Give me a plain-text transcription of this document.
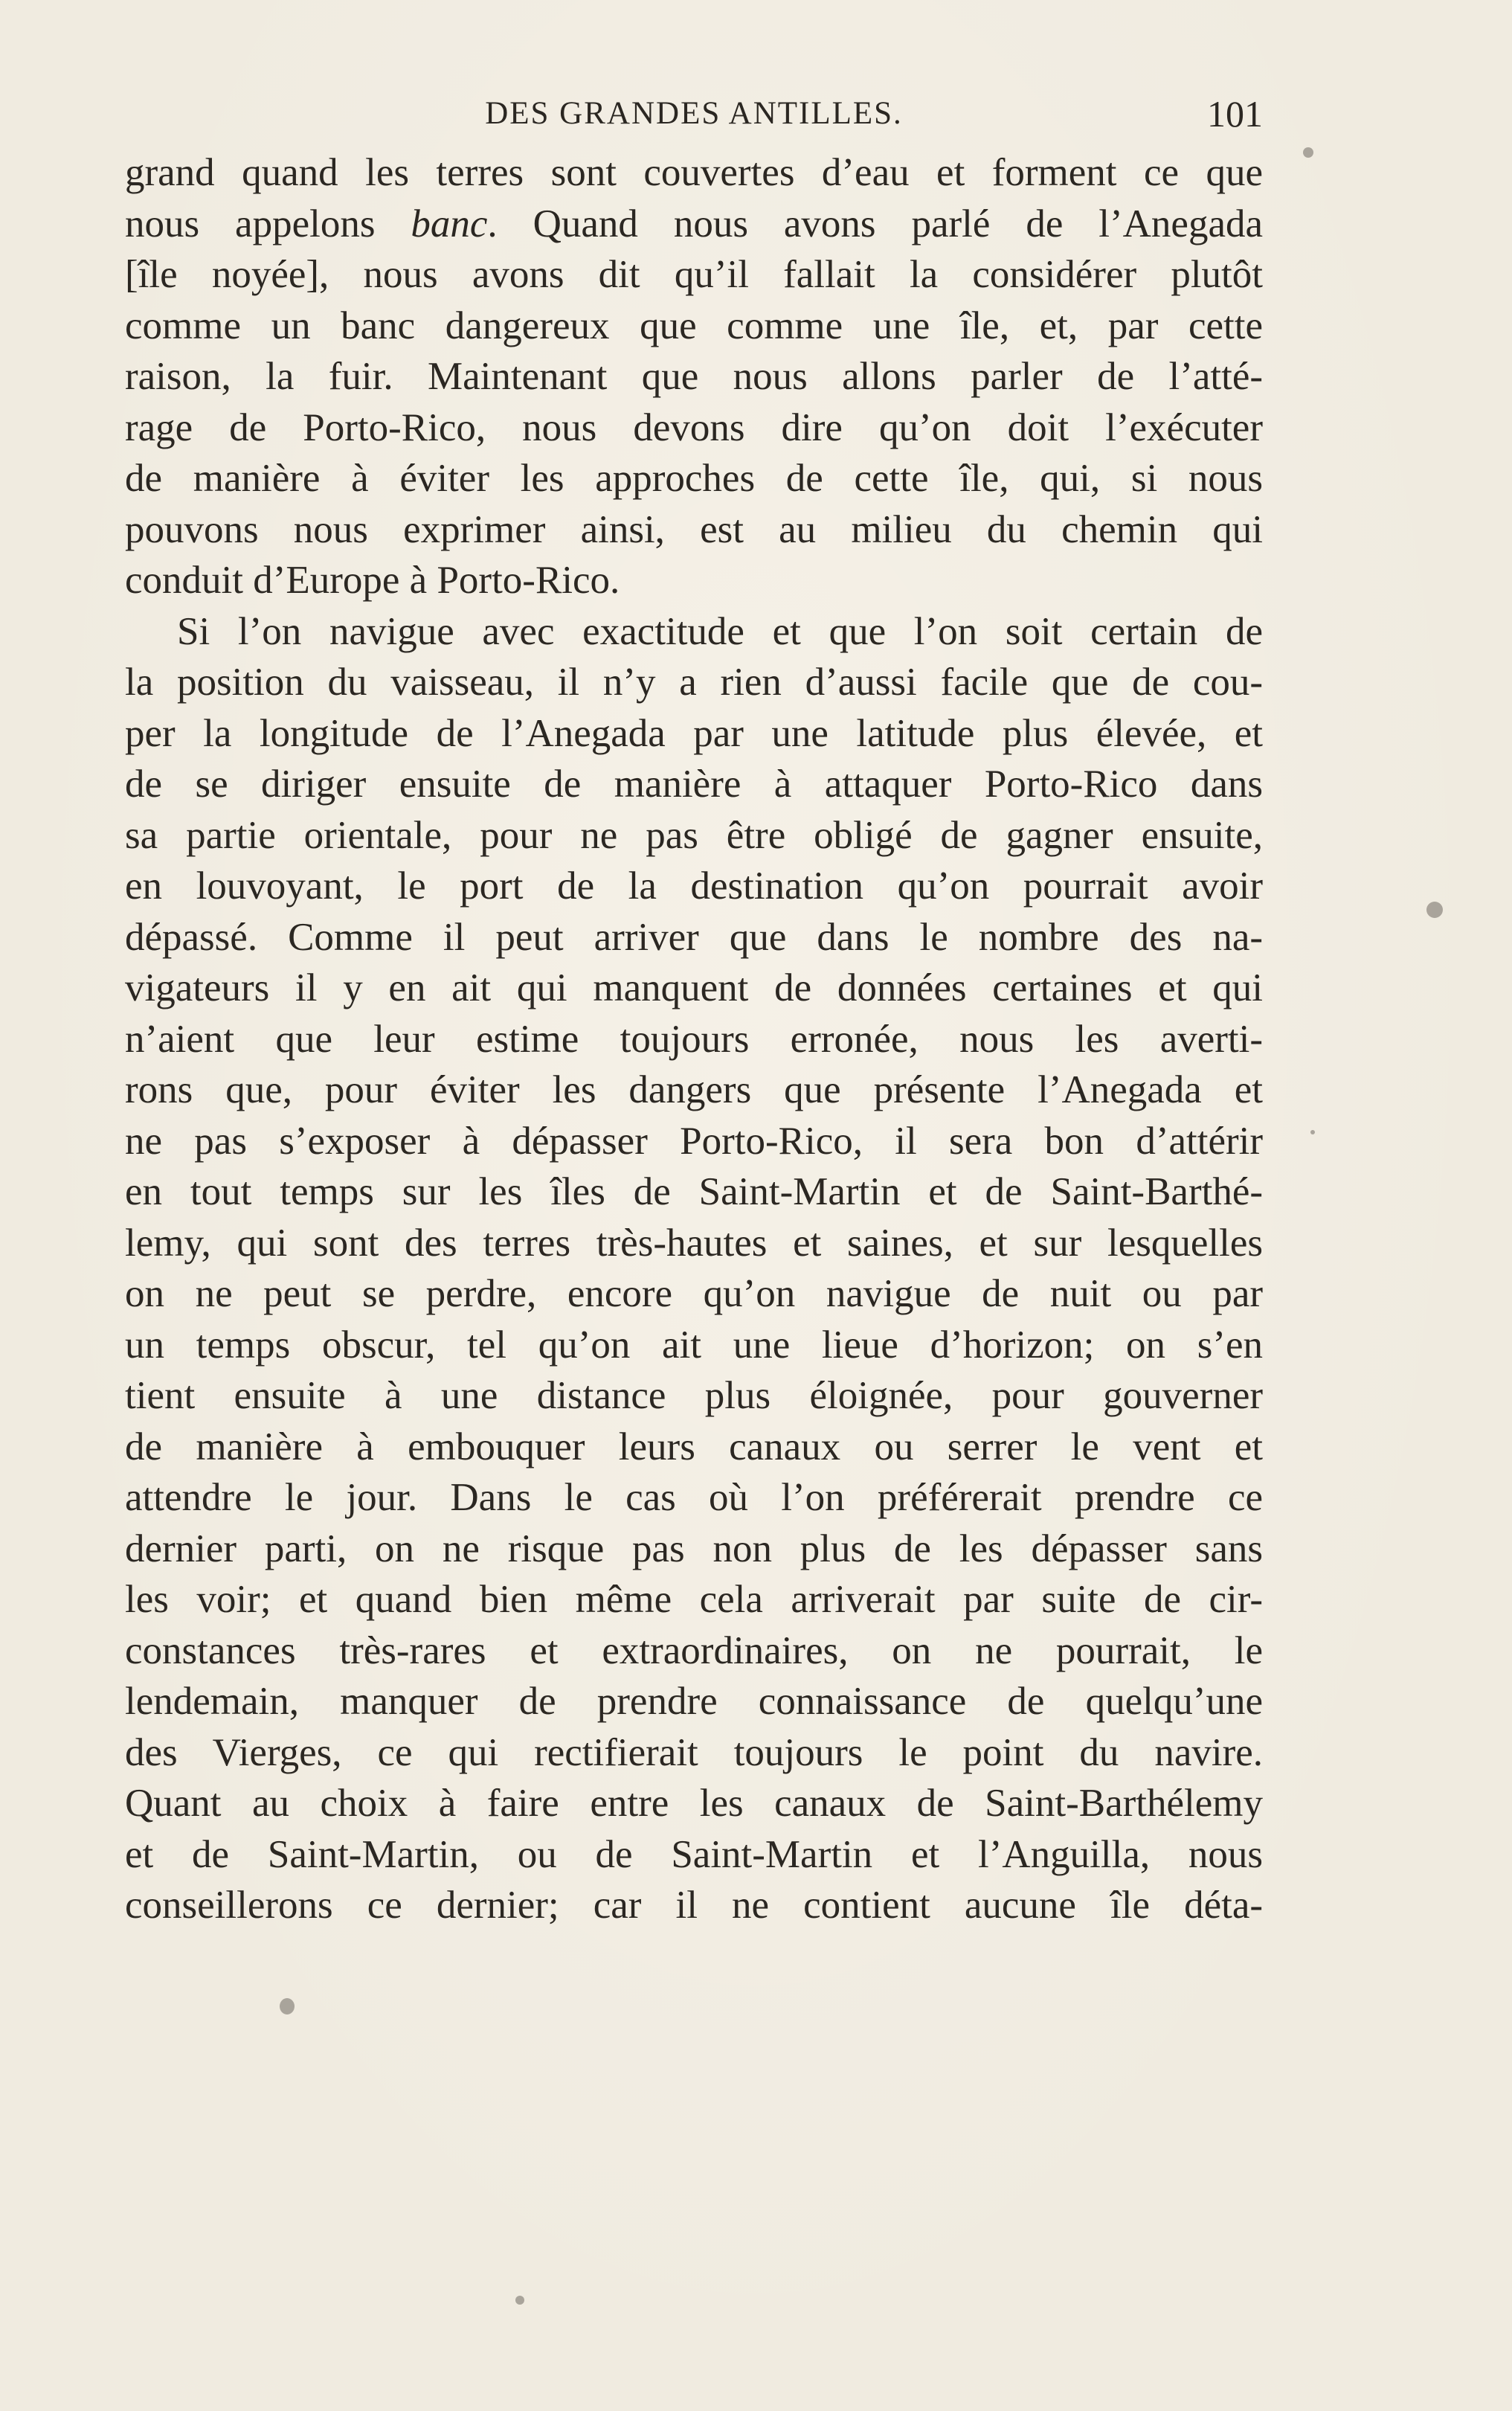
DES GRANDES ANTILLES.	101
grand quand les terres sont couvertes d’eau et forment ce que
nous appelons banc. Quand nous avons parlé de l’Anegada
[île noyée], nous avons dit qu’il fallait la considérer plutôt
comme un banc dangereux que comme une île, et, par cette
raison, la fuir. Maintenant que nous allons parler de l’atté-
rage de Porto-Rico, nous devons dire qu’on doit l’exécuter
de manière à éviter les approches de cette île, qui, si nous
pouvons nous exprimer ainsi, est au milieu du chemin qui
conduit d’Europe à Porto-Rico.
Si l’on navigue avec exactitude et que l’on soit certain de
la position du vaisseau, il n’y a rien d’aussi facile que de cou-
per la longitude de l’Anegada par une latitude plus élevée, et
de se diriger ensuite de manière à attaquer Porto-Rico dans
sa partie orientale, pour ne pas être obligé de gagner ensuite,
en louvoyant, le port de la destination qu’on pourrait avoir
dépassé. Comme il peut arriver que dans le nombre des na-
vigateurs il y en ait qui manquent de données certaines et qui
n’aient que leur estime toujours erronée, nous les averti-
rons que, pour éviter les dangers que présente l’Anegada et
ne pas s’exposer à dépasser Porto-Rico, il sera bon d’attérir
en tout temps sur les îles de Saint-Martin et de Saint-Barthé-
lemy, qui sont des terres très-hautes et saines, et sur lesquelles
on ne peut se perdre, encore qu’on navigue de nuit ou par
un temps obscur, tel qu’on ait une lieue d’horizon; on s’en
tient ensuite à une distance plus éloignée, pour gouverner
de manière à embouquer leurs canaux ou serrer le vent et
attendre le jour. Dans le cas où l’on préférerait prendre ce
dernier parti, on ne risque pas non plus de les dépasser sans
les voir; et quand bien même cela arriverait par suite de cir-
constances très-rares et extraordinaires, on ne pourrait, le
lendemain, manquer de prendre connaissance de quelqu’une
des Vierges, ce qui rectifierait toujours le point du navire.
Quant au choix à faire entre les canaux de Saint-Barthélemy
et de Saint-Martin, ou de Saint-Martin et l’Anguilla, nous
conseillerons ce dernier; car il ne contient aucune île déta-
